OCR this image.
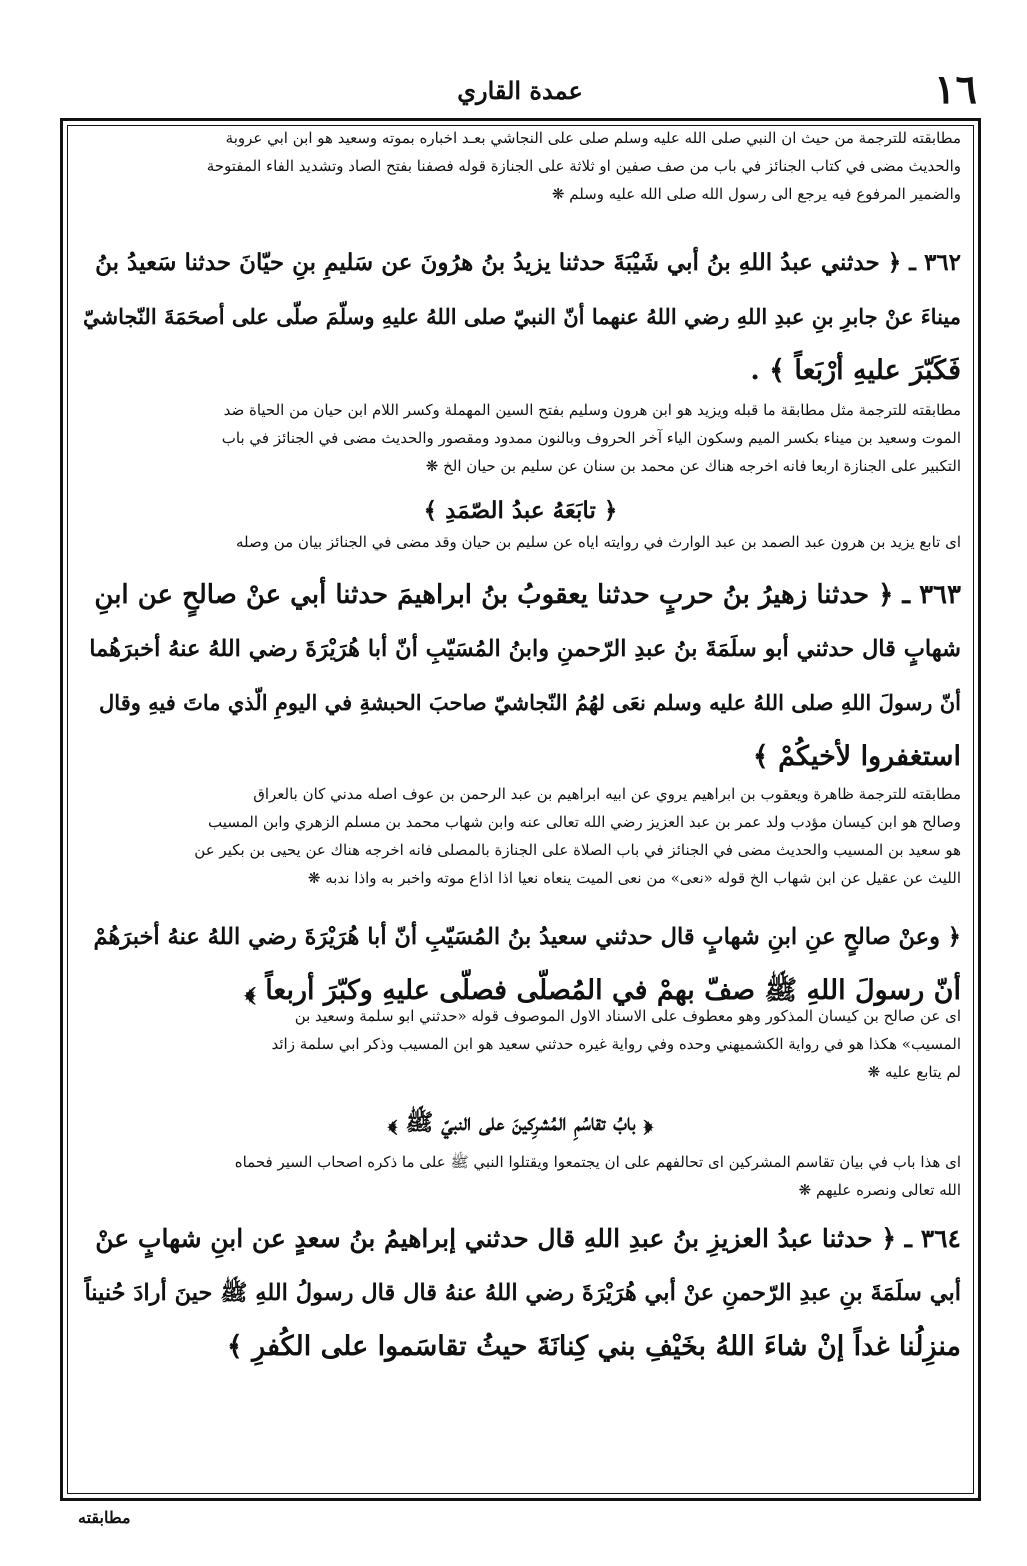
عمدة القاري	١٦
مطابقته للترجمة من حيث ان النبي صلى الله عليه وسلم صلى على النجاشي بعـد اخباره بموته وسعيد هو ابن ابي عروبة
والحديث مضى في كتاب الجنائز في باب من صف صفين او ثلاثة على الجنازة قوله فصفنا بفتح الصاد وتشديد الفاء المفتوحة
والضمير المرفوع فيه يرجع الى رسول الله صلى الله عليه وسلم ❋
٣٦٢ ـ ﴿ حدثني عبدُ اللهِ بنُ أبي شَيْبَةَ حدثنا يزيدُ بنُ هرُونَ عن سَليمِ بنِ حيّانَ حدثنا سَعيدُ بنُ
ميناءَ عنْ جابرِ بنِ عبدِ اللهِ رضي اللهُ عنهما أنّ النبيّ صلى اللهُ عليهِ وسلّمَ صلّى على أصحَمَةَ النّجاشيّ
فَكَبّرَ عليهِ أرْبَعاً ﴾ .
مطابقته للترجمة مثل مطابقة ما قبله ويزيد هو ابن هرون وسليم بفتح السين المهملة وكسر اللام ابن حيان من الحياة ضد
الموت وسعيد بن ميناء بكسر الميم وسكون الياء آخر الحروف وبالنون ممدود ومقصور والحديث مضى في الجنائز في باب
التكبير على الجنازة اربعا فانه اخرجه هناك عن محمد بن سنان عن سليم بن حيان الخ ❋
﴿ تابَعَهُ عبدُ الصّمَدِ ﴾
اى تابع يزيد بن هرون عبد الصمد بن عبد الوارث في روايته اياه عن سليم بن حيان وقد مضى في الجنائز بيان من وصله
٣٦٣ ـ ﴿ حدثنا زهيرُ بنُ حربٍ حدثنا يعقوبُ بنُ ابراهيمَ حدثنا أبي عنْ صالحٍ عن ابنِ
شهابٍ قال حدثني أبو سلَمَةَ بنُ عبدِ الرّحمنِ وابنُ المُسَيّبِ أنّ أبا هُرَيْرَةَ رضي اللهُ عنهُ أخبرَهُما
أنّ رسولَ اللهِ صلى اللهُ عليه وسلم نعَى لهُمُ النّجاشيّ صاحبَ الحبشةِ في اليومِ الّذي ماتَ فيهِ وقال
استغفروا لأخيكُمْ ﴾
مطابقته للترجمة ظاهرة ويعقوب بن ابراهيم يروي عن ابيه ابراهيم بن عبد الرحمن بن عوف اصله مدني كان بالعراق
وصالح هو ابن كيسان مؤدب ولد عمر بن عبد العزيز رضي الله تعالى عنه وابن شهاب محمد بن مسلم الزهري وابن المسيب
هو سعيد بن المسيب والحديث مضى في الجنائز في باب الصلاة على الجنازة بالمصلى فانه اخرجه هناك عن يحيى بن بكير عن
الليث عن عقيل عن ابن شهاب الخ قوله «نعى» من نعى الميت ينعاه نعيا اذا اذاع موته واخبر به واذا ندبه ❋
﴿ وعنْ صالحٍ عنِ ابنِ شهابٍ قال حدثني سعيدُ بنُ المُسَيّبِ أنّ أبا هُرَيْرَةَ رضي اللهُ عنهُ أخبرَهُمْ
أنّ رسولَ اللهِ ﷺ صفّ بهمْ في المُصلّى فصلّى عليهِ وكبّرَ أربعاً ﴾
اى عن صالح بن كيسان المذكور وهو معطوف على الاسناد الاول الموصوف قوله «حدثني ابو سلمة وسعيد بن
المسيب» هكذا هو في رواية الكشميهني وحده وفي رواية غيره حدثني سعيد هو ابن المسيب وذكر ابي سلمة زائد
لم يتابع عليه ❋
﴿ بابُ تقاسُمِ المُشرِكينَ على النبيّ ﷺ ﴾
اى هذا باب في بيان تقاسم المشركين اى تحالفهم على ان يجتمعوا ويقتلوا النبي ﷺ على ما ذكره اصحاب السير فحماه
الله تعالى ونصره عليهم ❋
٣٦٤ ـ ﴿ حدثنا عبدُ العزيزِ بنُ عبدِ اللهِ قال حدثني إبراهيمُ بنُ سعدٍ عن ابنِ شهابٍ عنْ
أبي سلَمَةَ بنِ عبدِ الرّحمنِ عنْ أبي هُرَيْرَةَ رضي اللهُ عنهُ قال قال رسولُ اللهِ ﷺ حينَ أرادَ حُنيناً
منزِلُنا غداً إنْ شاءَ اللهُ بخَيْفِ بني كِنانَةَ حيثُ تقاسَموا على الكُفرِ ﴾
مطابقته
